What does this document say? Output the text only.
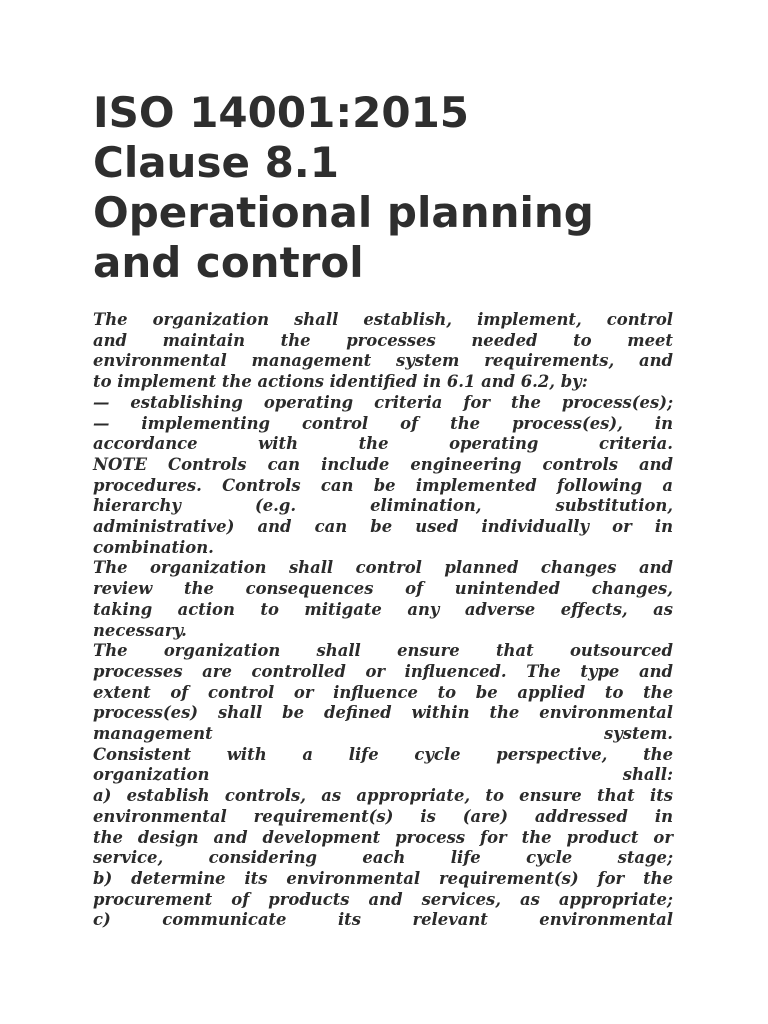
ISO 14001:2015
Clause 8.1
Operational planning
and control
The organization shall establish, implement, control
and maintain the processes needed to meet
environmental management system requirements, and
to implement the actions identified in 6.1 and 6.2, by:
— establishing operating criteria for the process(es);
— implementing control of the process(es), in
accordance with the operating criteria.
NOTE Controls can include engineering controls and
procedures. Controls can be implemented following a
hierarchy (e.g. elimination, substitution,
administrative) and can be used individually or in
combination.
The organization shall control planned changes and
review the consequences of unintended changes,
taking action to mitigate any adverse effects, as
necessary.
The organization shall ensure that outsourced
processes are controlled or influenced. The type and
extent of control or influence to be applied to the
process(es) shall be defined within the environmental
management system.
Consistent with a life cycle perspective, the
organization shall:
a) establish controls, as appropriate, to ensure that its
environmental requirement(s) is (are) addressed in
the design and development process for the product or
service, considering each life cycle stage;
b) determine its environmental requirement(s) for the
procurement of products and services, as appropriate;
c) communicate its relevant environmental
